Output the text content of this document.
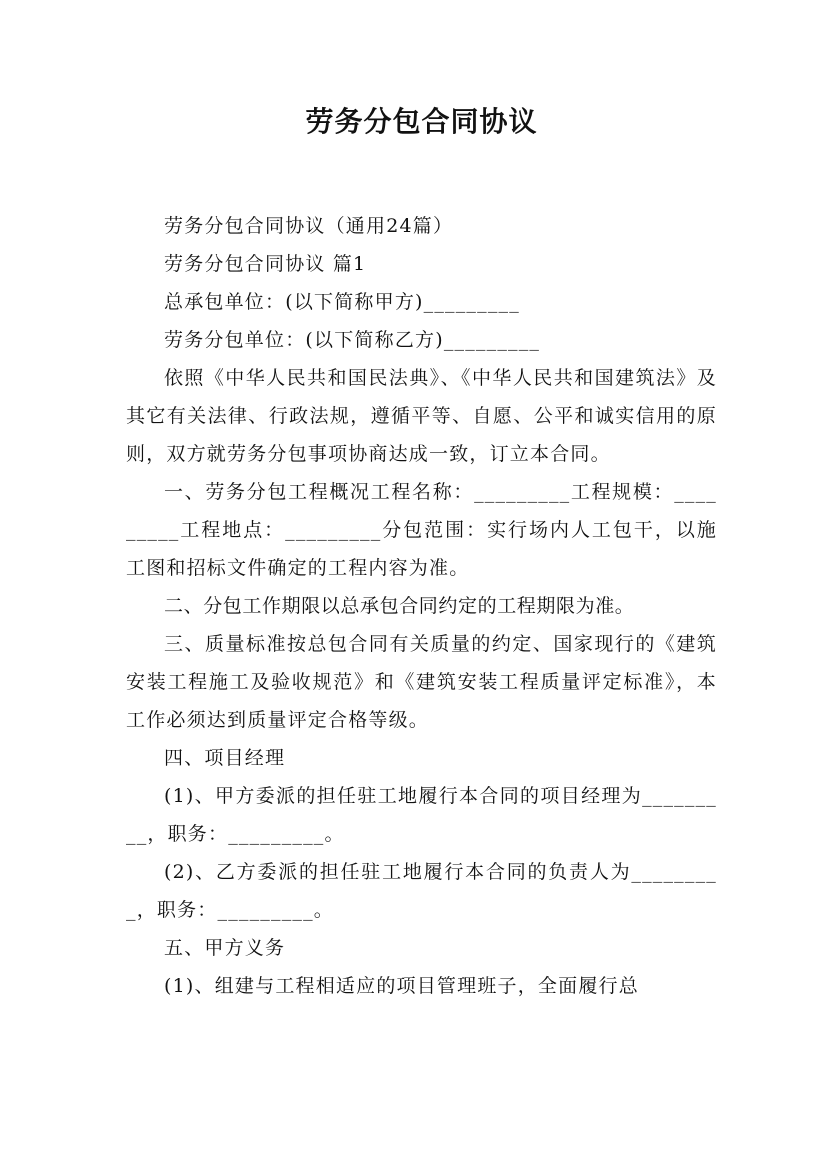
劳务分包合同协议

劳务分包合同协议（通用24篇）

劳务分包合同协议 篇1

总承包单位：(以下简称甲方)_________

劳务分包单位：(以下简称乙方)_________

依照《中华人民共和国民法典》、《中华人民共和国建筑法》及其它有关法律、行政法规，遵循平等、自愿、公平和诚实信用的原则，双方就劳务分包事项协商达成一致，订立本合同。

一、劳务分包工程概况工程名称：_________工程规模：_________工程地点：_________分包范围：实行场内人工包干，以施工图和招标文件确定的工程内容为准。

二、分包工作期限以总承包合同约定的工程期限为准。

三、质量标准按总包合同有关质量的约定、国家现行的《建筑安装工程施工及验收规范》和《建筑安装工程质量评定标准》，本工作必须达到质量评定合格等级。

四、项目经理

(1)、甲方委派的担任驻工地履行本合同的项目经理为_________，职务：_________。

(2)、乙方委派的担任驻工地履行本合同的负责人为_________，职务：_________。

五、甲方义务

(1)、组建与工程相适应的项目管理班子，全面履行总
